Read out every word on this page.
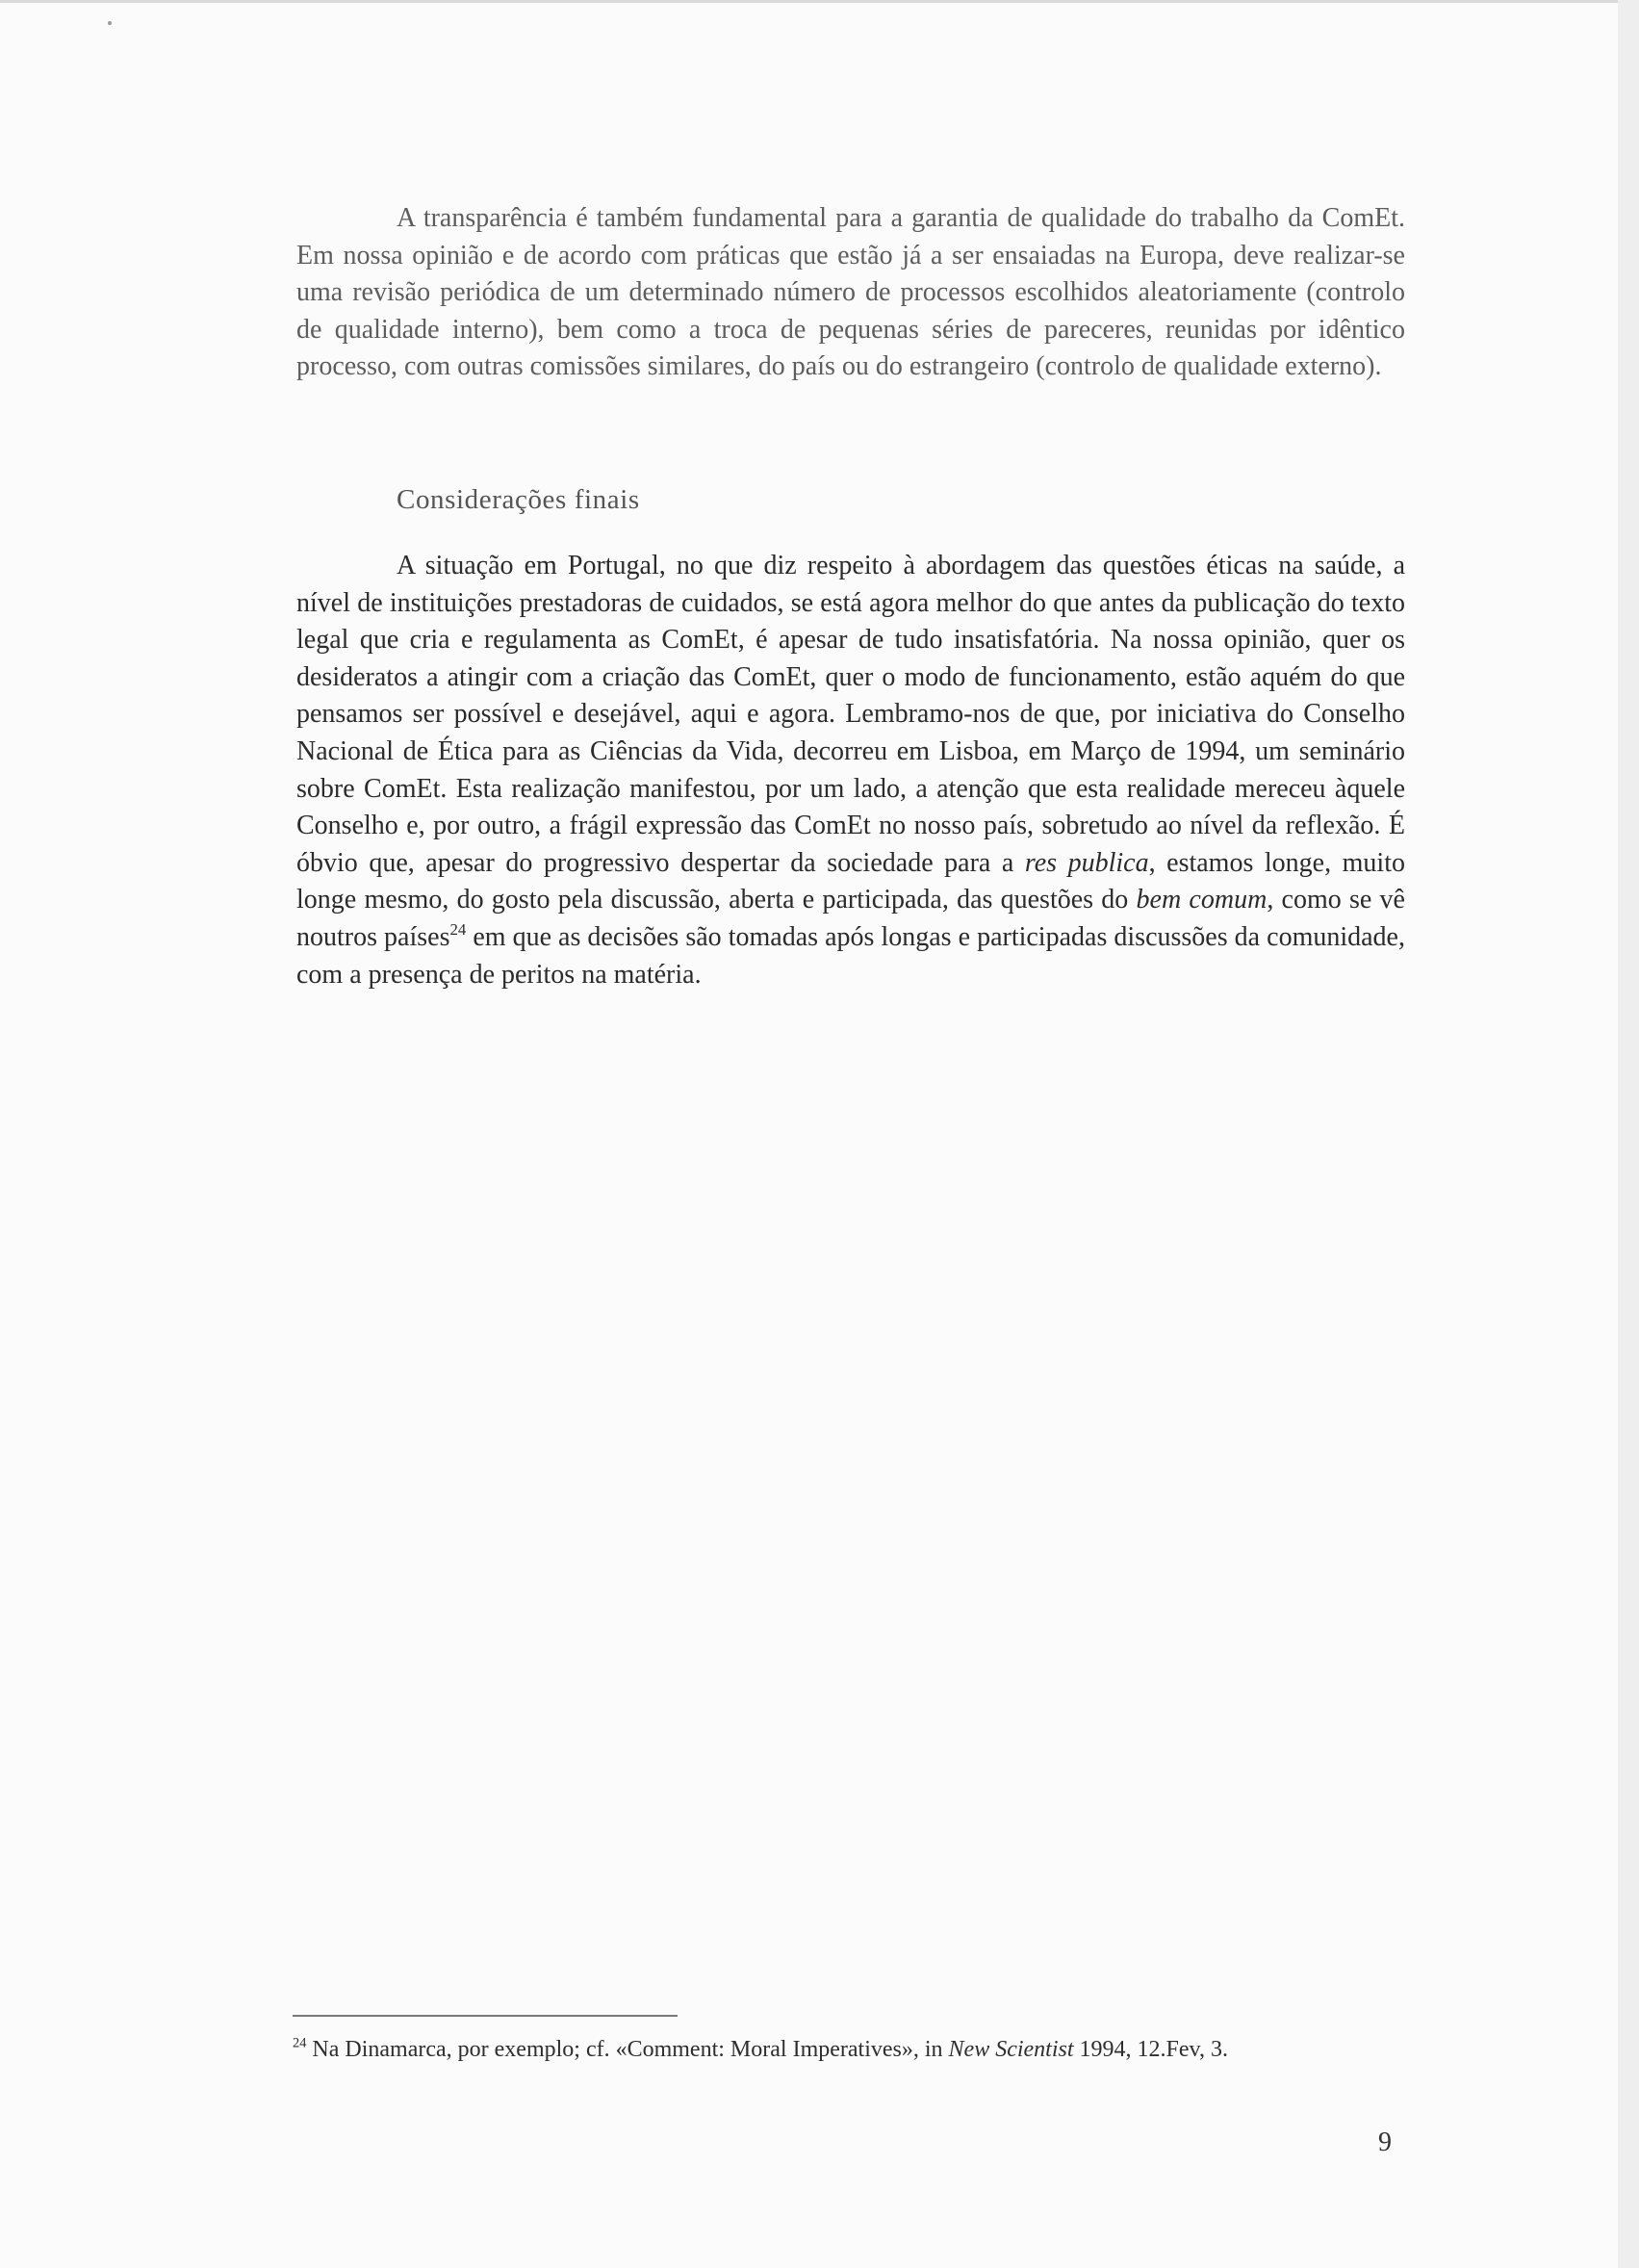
A transparência é também fundamental para a garantia de qualidade do trabalho da ComEt. Em nossa opinião e de acordo com práticas que estão já a ser ensaiadas na Europa, deve realizar-se uma revisão periódica de um determinado número de processos escolhidos aleatoriamente (controlo de qualidade interno), bem como a troca de pequenas séries de pareceres, reunidas por idêntico processo, com outras comissões similares, do país ou do estrangeiro (controlo de qualidade externo).

Considerações finais

A situação em Portugal, no que diz respeito à abordagem das questões éticas na saúde, a nível de instituições prestadoras de cuidados, se está agora melhor do que antes da publicação do texto legal que cria e regulamenta as ComEt, é apesar de tudo insatisfatória. Na nossa opinião, quer os desideratos a atingir com a criação das ComEt, quer o modo de funcionamento, estão aquém do que pensamos ser possível e desejável, aqui e agora. Lembramo-nos de que, por iniciativa do Conselho Nacional de Ética para as Ciências da Vida, decorreu em Lisboa, em Março de 1994, um seminário sobre ComEt. Esta realização manifestou, por um lado, a atenção que esta realidade mereceu àquele Conselho e, por outro, a frágil expressão das ComEt no nosso país, sobretudo ao nível da reflexão. É óbvio que, apesar do progressivo despertar da sociedade para a res publica, estamos longe, muito longe mesmo, do gosto pela discussão, aberta e participada, das questões do bem comum, como se vê noutros países$^{24}$ em que as decisões são tomadas após longas e participadas discussões da comunidade, com a presença de peritos na matéria.

$^{24}$ Na Dinamarca, por exemplo; cf. «Comment: Moral Imperatives», in New Scientist 1994, 12.Fev, 3.
9
